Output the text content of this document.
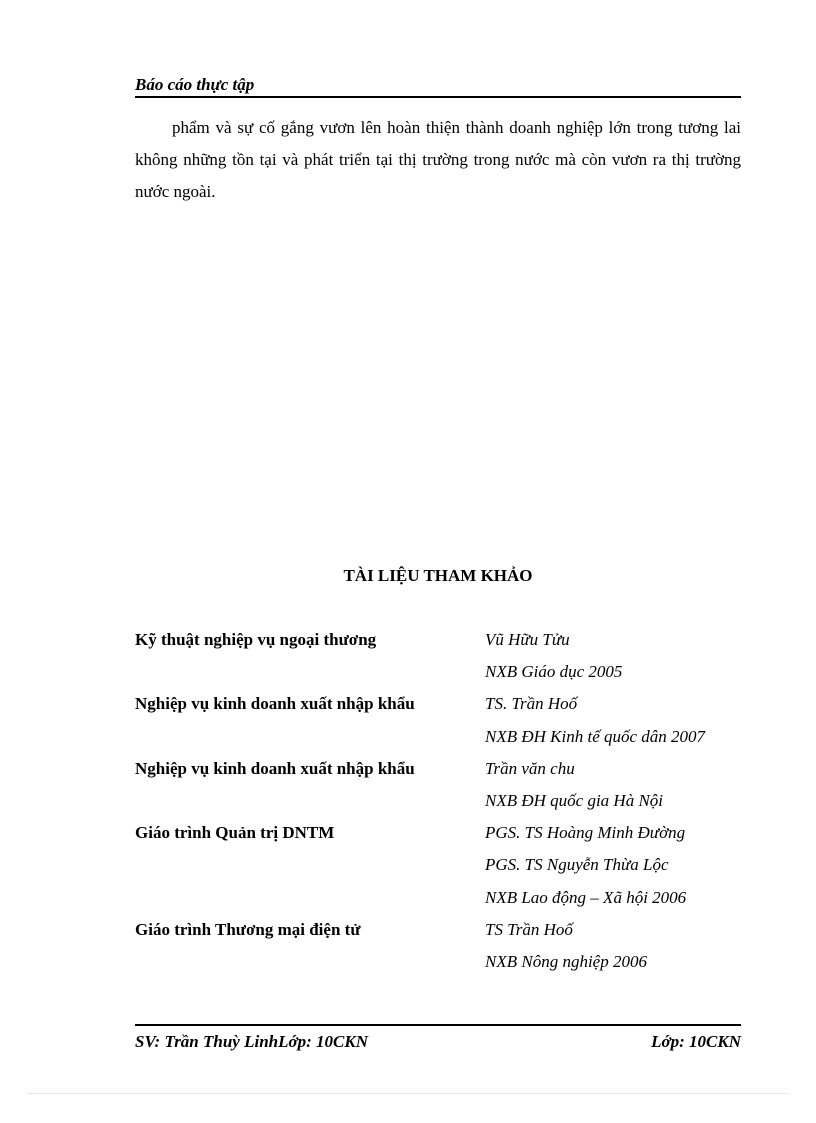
Báo cáo thực tập

phẩm và sự cố gắng vươn lên hoàn thiện thành doanh nghiệp lớn trong tương lai không những tồn tại và phát triển tại thị trường trong nước mà còn vươn ra thị trường nước ngoài.

TÀI LIỆU THAM KHẢO
Kỹ thuật nghiệp vụ ngoại thương	Vũ Hữu Tửu
NXB Giáo dục 2005
Nghiệp vụ kinh doanh xuất nhập khẩu	TS. Trần Hoố
NXB ĐH Kinh tế quốc dân 2007
Nghiệp vụ kinh doanh xuất nhập khẩu	Trần văn chu
NXB ĐH quốc gia Hà Nội
Giáo trình Quản trị DNTM	PGS. TS Hoàng Minh Đường
PGS. TS Nguyễn Thừa Lộc
NXB Lao động – Xã hội 2006
Giáo trình Thương mại điện tử	TS Trần Hoố
NXB Nông nghiệp 2006
SV: Trần Thuỳ LinhLớp: 10CKN	Lớp: 10CKN
